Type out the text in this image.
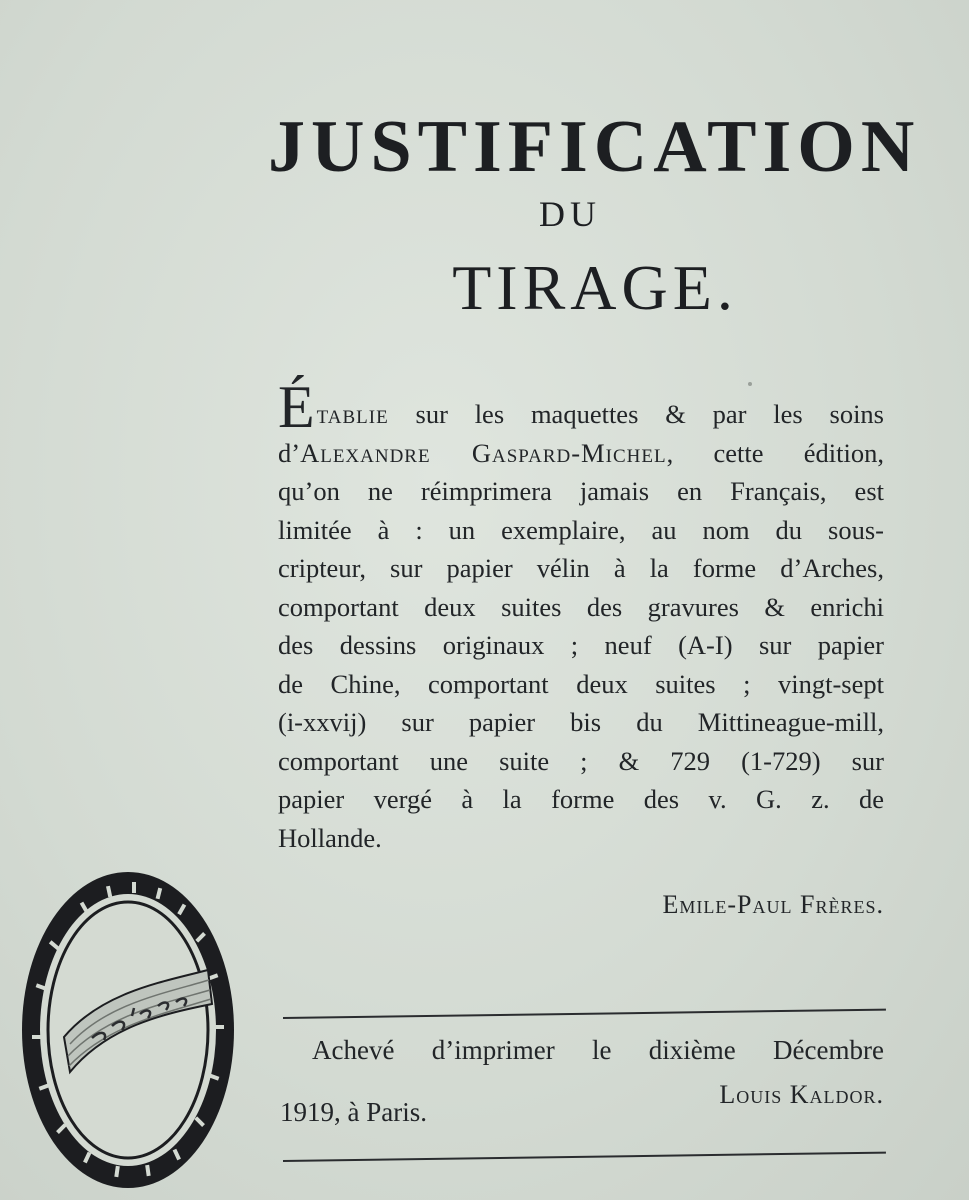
JUSTIFICATION
DU
TIRAGE.
Établie sur les maquettes & par les soins
d’Alexandre Gaspard-Michel, cette édition,
qu’on ne réimprimera jamais en Français, est
limitée à : un exemplaire, au nom du sous-
cripteur, sur papier vélin à la forme d’Arches,
comportant deux suites des gravures & enrichi
des dessins originaux ; neuf (A-I) sur papier
de Chine, comportant deux suites ; vingt-sept
(i-xxvij) sur papier bis du Mittineague-mill,
comportant une suite ; & 729 (1-729) sur
papier vergé à la forme des v. G. z. de
Hollande.
Emile-Paul Frères.
Achevé d’imprimer le dixième Décembre
Louis Kaldor.
1919, à Paris.
